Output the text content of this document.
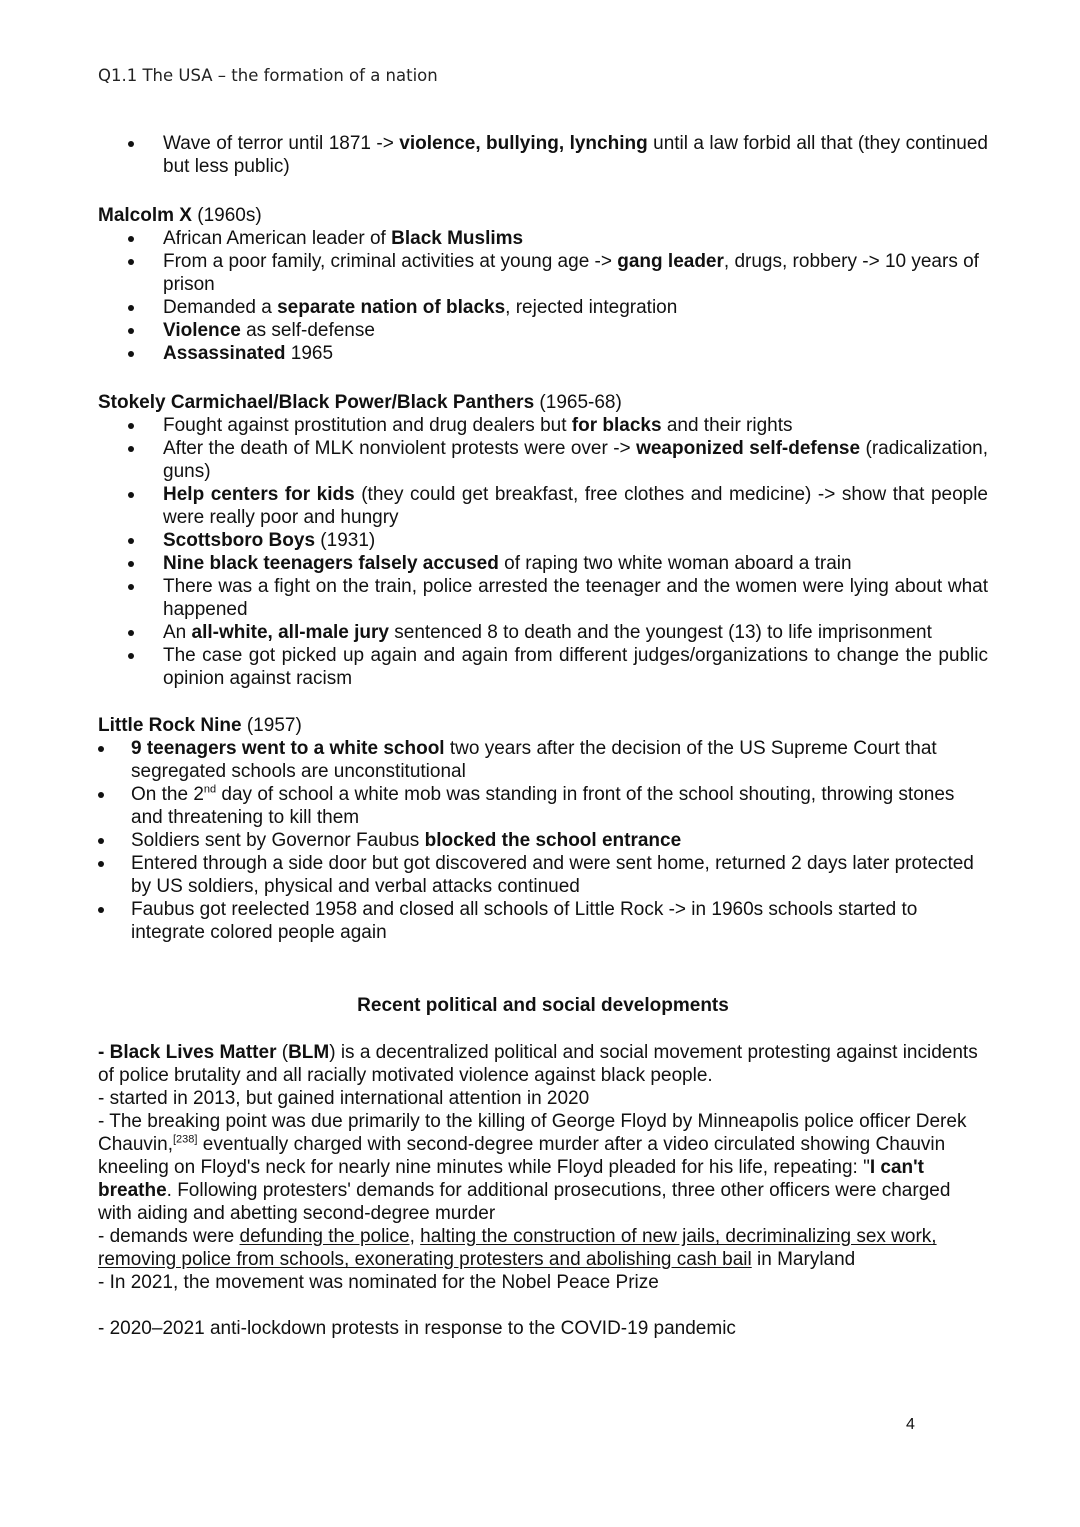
Q1.1 The USA – the formation of a nation
Wave of terror until 1871 -> violence, bullying, lynching until a law forbid all that (they continued but less public)
Malcolm X (1960s)
African American leader of Black Muslims
From a poor family, criminal activities at young age -> gang leader, drugs, robbery -> 10 years of prison
Demanded a separate nation of blacks, rejected integration
Violence as self-defense
Assassinated 1965
Stokely Carmichael/Black Power/Black Panthers (1965-68)
Fought against prostitution and drug dealers but for blacks and their rights
After the death of MLK nonviolent protests were over -> weaponized self-defense (radicalization, guns)
Help centers for kids (they could get breakfast, free clothes and medicine) -> show that people were really poor and hungry
Scottsboro Boys (1931)
Nine black teenagers falsely accused of raping two white woman aboard a train
There was a fight on the train, police arrested the teenager and the women were lying about what happened
An all-white, all-male jury sentenced 8 to death and the youngest (13) to life imprisonment
The case got picked up again and again from different judges/organizations to change the public opinion against racism
Little Rock Nine (1957)
9 teenagers went to a white school two years after the decision of the US Supreme Court that segregated schools are unconstitutional
On the 2nd day of school a white mob was standing in front of the school shouting, throwing stones and threatening to kill them
Soldiers sent by Governor Faubus blocked the school entrance
Entered through a side door but got discovered and were sent home, returned 2 days later protected by US soldiers, physical and verbal attacks continued
Faubus got reelected 1958 and closed all schools of Little Rock -> in 1960s schools started to integrate colored people again
Recent political and social developments
- Black Lives Matter (BLM) is a decentralized political and social movement protesting against incidents of police brutality and all racially motivated violence against black people.
- started in 2013, but gained international attention in 2020
- The breaking point was due primarily to the killing of George Floyd by Minneapolis police officer Derek Chauvin,[238] eventually charged with second-degree murder after a video circulated showing Chauvin kneeling on Floyd's neck for nearly nine minutes while Floyd pleaded for his life, repeating: "I can't breathe. Following protesters' demands for additional prosecutions, three other officers were charged with aiding and abetting second-degree murder
- demands were defunding the police, halting the construction of new jails, decriminalizing sex work, removing police from schools, exonerating protesters and abolishing cash bail in Maryland
- In 2021, the movement was nominated for the Nobel Peace Prize
- 2020–2021 anti-lockdown protests in response to the COVID-19 pandemic
4
